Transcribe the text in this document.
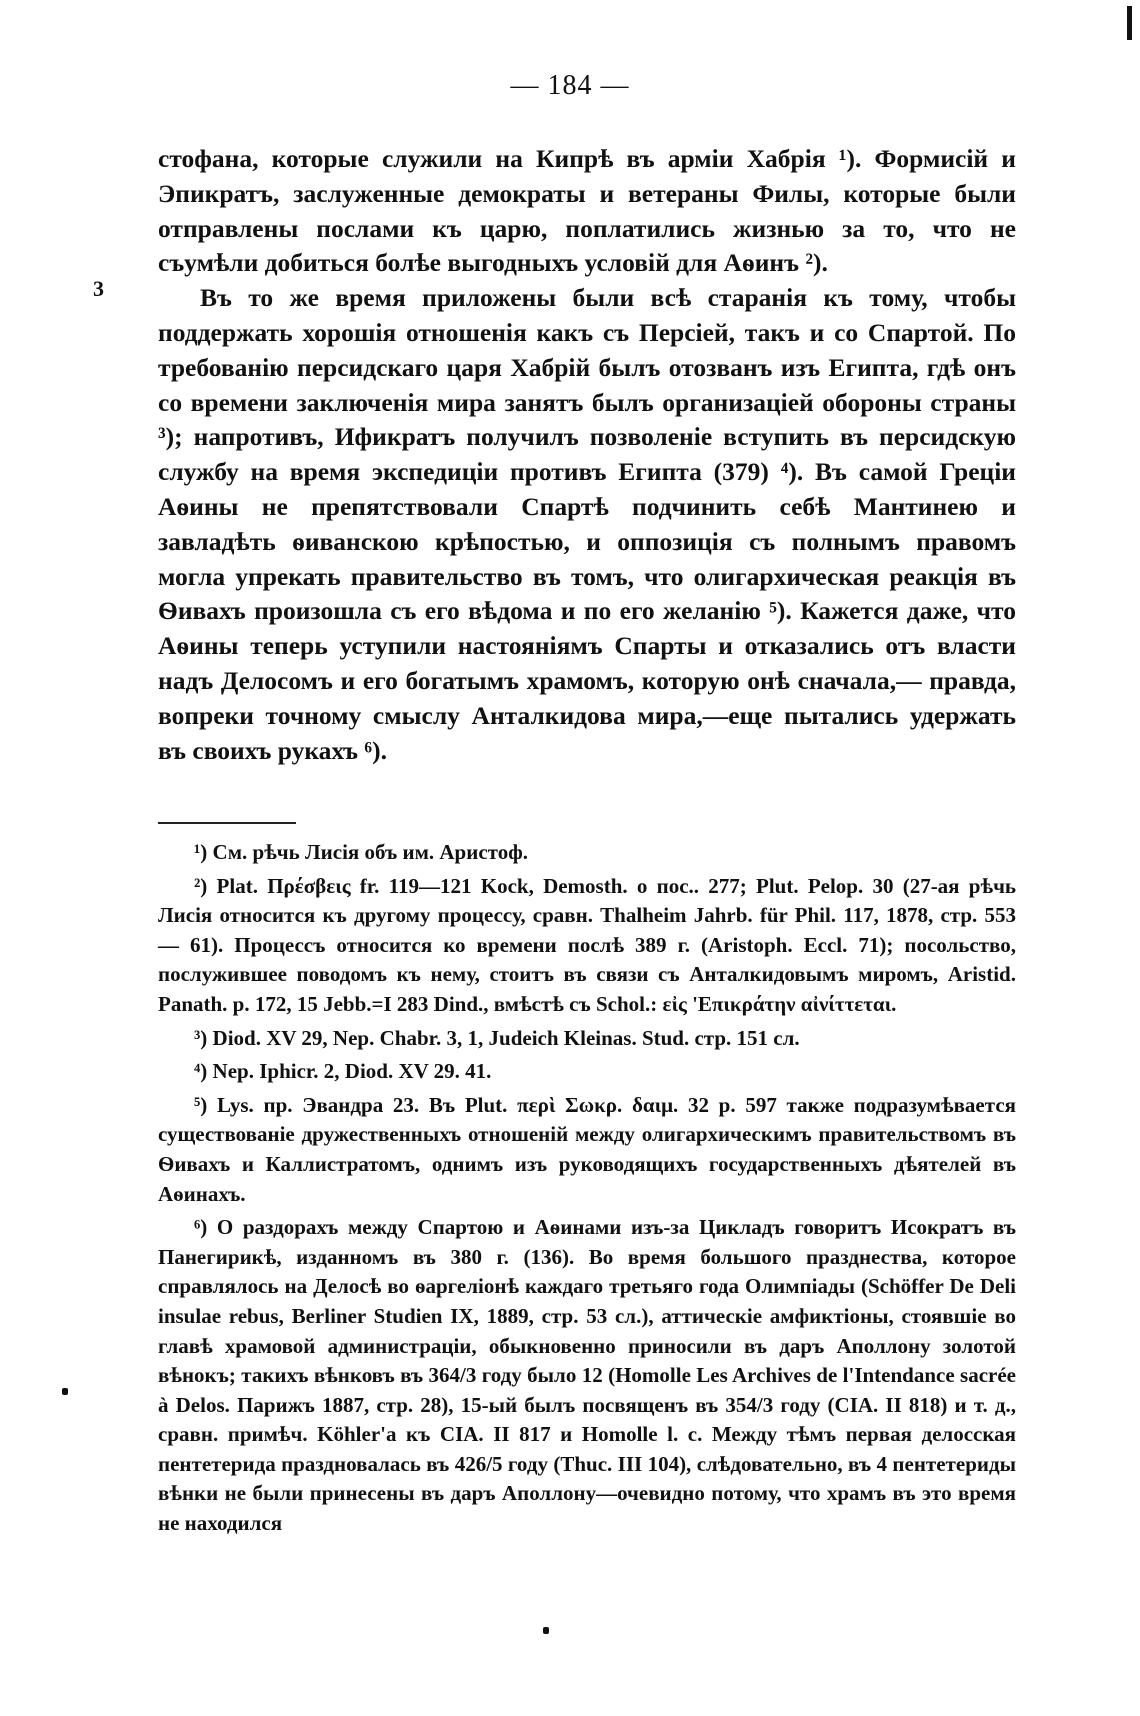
3
— 184 —

стофана, которые служили на Кипрѣ въ арміи Хабрія ¹). Формисій и Эпикратъ, заслуженные демократы и ветераны Филы, которые были отправлены послами къ царю, поплатились жизнью за то, что не съумѣли добиться болѣе выгодныхъ условій для Аѳинъ ²).

Въ то же время приложены были всѣ старанія къ тому, чтобы поддержать хорошія отношенія какъ съ Персіей, такъ и со Спартой. По требованію персидскаго царя Хабрій былъ отозванъ изъ Египта, гдѣ онъ со времени заключенія мира занятъ былъ организаціей обороны страны ³); напротивъ, Ификратъ получилъ позволеніе вступить въ персидскую службу на время экспедиціи противъ Египта (379) ⁴). Въ самой Греціи Аѳины не препятствовали Спартѣ подчинить себѣ Мантинею и завладѣть ѳиванскою крѣпостью, и оппозиція съ полнымъ правомъ могла упрекать правительство въ томъ, что олигархическая реакція въ Ѳивахъ произошла съ его вѣдома и по его желанію ⁵). Кажется даже, что Аѳины теперь уступили настояніямъ Спарты и отказались отъ власти надъ Делосомъ и его богатымъ храмомъ, которую онѣ сначала,— правда, вопреки точному смыслу Анталкидова мира,—еще пытались удержать въ своихъ рукахъ ⁶).

¹) См. рѣчь Лисія объ им. Аристоф.

²) Plat. Πρέσβεις fr. 119—121 Kock, Demosth. о пос.. 277; Plut. Pelop. 30 (27-ая рѣчь Лисія относится къ другому процессу, сравн. Thalheim Jahrb. für Phil. 117, 1878, стр. 553 — 61). Процессъ относится ко времени послѣ 389 г. (Aristoph. Eccl. 71); посольство, послужившее поводомъ къ нему, стоитъ въ связи съ Анталкидовымъ миромъ, Aristid. Panath. p. 172, 15 Jebb.=I 283 Dind., вмѣстѣ съ Schol.: εἰς 'Επικράτην αἰνίττεται.

³) Diod. XV 29, Nep. Chabr. 3, 1, Judeich Kleinas. Stud. стр. 151 сл.

⁴) Nep. Iphicr. 2, Diod. XV 29. 41.

⁵) Lys. пр. Эвандра 23. Въ Plut. περὶ Σωκρ. δαιμ. 32 p. 597 также подразумѣвается существованіе дружественныхъ отношеній между олигархическимъ правительствомъ въ Ѳивахъ и Каллистратомъ, однимъ изъ руководящихъ государственныхъ дѣятелей въ Аѳинахъ.

⁶) О раздорахъ между Спартою и Аѳинами изъ-за Цикладъ говоритъ Исократъ въ Панегирикѣ, изданномъ въ 380 г. (136). Во время большого празднества, которое справлялось на Делосѣ во ѳаргеліонѣ каждаго третьяго года Олимпіады (Schöffer De Deli insulae rebus, Berliner Studien IX, 1889, стр. 53 сл.), аттическіе амфиктіоны, стоявшіе во главѣ храмовой администраціи, обыкновенно приносили въ даръ Аполлону золотой вѣнокъ; такихъ вѣнковъ въ 364/3 году было 12 (Homolle Les Archives de l'Intendance sacrée à Delos. Парижъ 1887, стр. 28), 15-ый былъ посвященъ въ 354/3 году (CIA. II 818) и т. д., сравн. примѣч. Köhler'а къ CIA. II 817 и Homolle l. c. Между тѣмъ первая делосская пентетерида праздновалась въ 426/5 году (Thuc. III 104), слѣдовательно, въ 4 пентетериды вѣнки не были принесены въ даръ Аполлону—очевидно потому, что храмъ въ это время не находился
